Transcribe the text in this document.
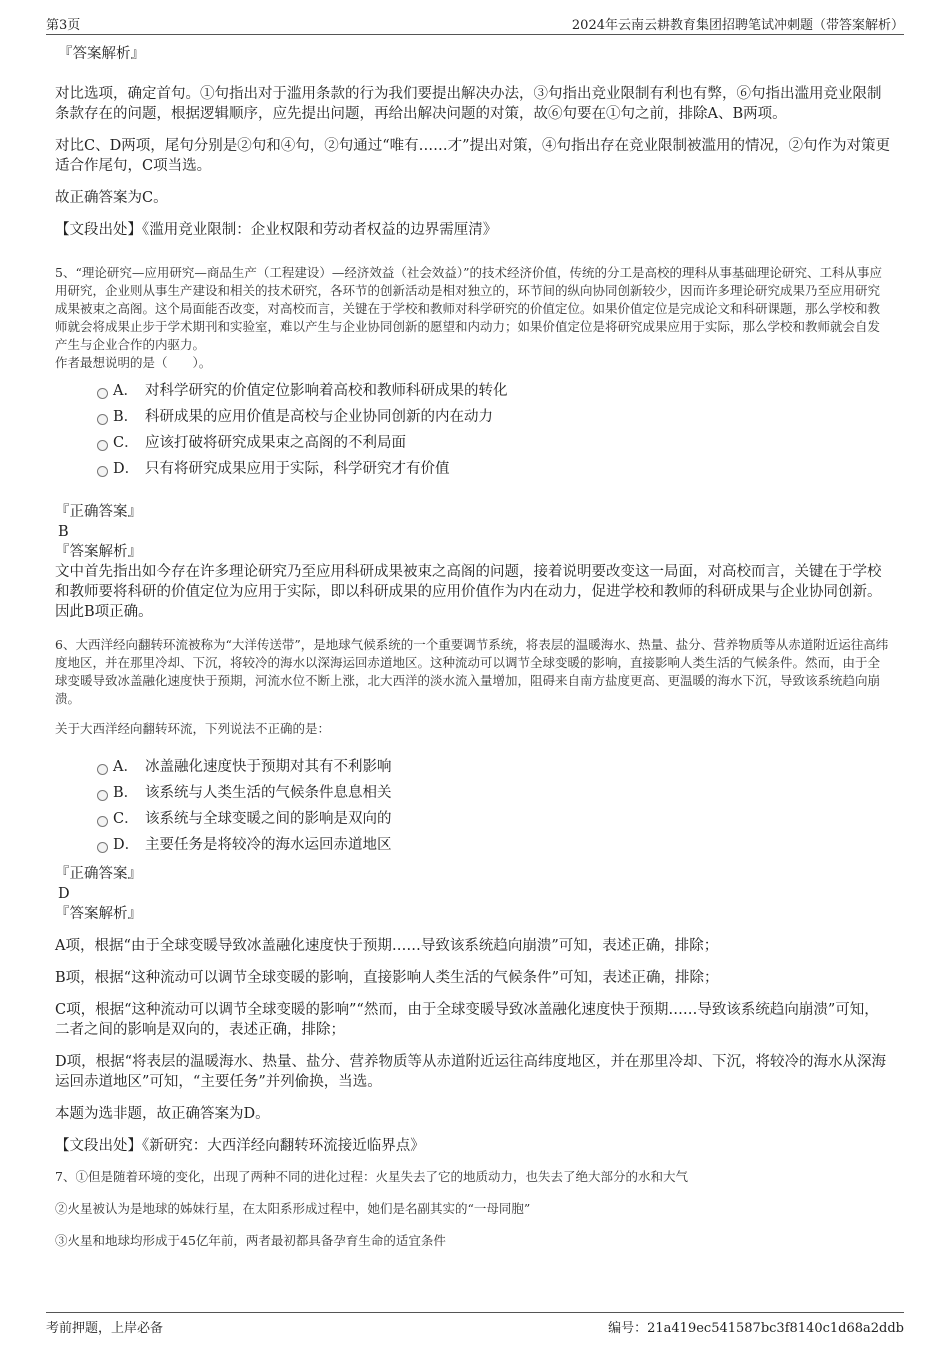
第3页	2024年云南云耕教育集团招聘笔试冲刺题（带答案解析）

『答案解析』

对比选项，确定首句。①句指出对于滥用条款的行为我们要提出解决办法，③句指出竞业限制有利也有弊，⑥句指出滥用竞业限制条款存在的问题，根据逻辑顺序，应先提出问题，再给出解决问题的对策，故⑥句要在①句之前，排除A、B两项。

对比C、D两项，尾句分别是②句和④句，②句通过“唯有……才”提出对策，④句指出存在竞业限制被滥用的情况，②句作为对策更适合作尾句，C项当选。

故正确答案为C。

【文段出处】《滥用竞业限制：企业权限和劳动者权益的边界需厘清》

5、“理论研究—应用研究—商品生产（工程建设）—经济效益（社会效益）”的技术经济价值，传统的分工是高校的理科从事基础理论研究、工科从事应用研究，企业则从事生产建设和相关的技术研究，各环节的创新活动是相对独立的，环节间的纵向协同创新较少，因而许多理论研究成果乃至应用研究成果被束之高阁。这个局面能否改变，对高校而言，关键在于学校和教师对科学研究的价值定位。如果价值定位是完成论文和科研课题，那么学校和教师就会将成果止步于学术期刊和实验室，难以产生与企业协同创新的愿望和内动力；如果价值定位是将研究成果应用于实际，那么学校和教师就会自发产生与企业合作的内驱力。

作者最想说明的是（　　）。

A． 对科学研究的价值定位影响着高校和教师科研成果的转化
B． 科研成果的应用价值是高校与企业协同创新的内在动力
C． 应该打破将研究成果束之高阁的不利局面
D． 只有将研究成果应用于实际，科学研究才有价值

『正确答案』

B

『答案解析』

文中首先指出如今存在许多理论研究乃至应用科研成果被束之高阁的问题，接着说明要改变这一局面，对高校而言，关键在于学校和教师要将科研的价值定位为应用于实际，即以科研成果的应用价值作为内在动力，促进学校和教师的科研成果与企业协同创新。因此B项正确。

6、大西洋经向翻转环流被称为“大洋传送带”，是地球气候系统的一个重要调节系统，将表层的温暖海水、热量、盐分、营养物质等从赤道附近运往高纬度地区，并在那里冷却、下沉，将较冷的海水以深海运回赤道地区。这种流动可以调节全球变暖的影响，直接影响人类生活的气候条件。然而，由于全球变暖导致冰盖融化速度快于预期，河流水位不断上涨，北大西洋的淡水流入量增加，阻碍来自南方盐度更高、更温暖的海水下沉，导致该系统趋向崩溃。

关于大西洋经向翻转环流，下列说法不正确的是：

A． 冰盖融化速度快于预期对其有不利影响
B． 该系统与人类生活的气候条件息息相关
C． 该系统与全球变暖之间的影响是双向的
D． 主要任务是将较冷的海水运回赤道地区

『正确答案』

D

『答案解析』

A项，根据“由于全球变暖导致冰盖融化速度快于预期……导致该系统趋向崩溃”可知，表述正确，排除；

B项，根据“这种流动可以调节全球变暖的影响，直接影响人类生活的气候条件”可知，表述正确，排除；

C项，根据“这种流动可以调节全球变暖的影响”“然而，由于全球变暖导致冰盖融化速度快于预期……导致该系统趋向崩溃”可知，二者之间的影响是双向的，表述正确，排除；

D项，根据“将表层的温暖海水、热量、盐分、营养物质等从赤道附近运往高纬度地区，并在那里冷却、下沉，将较冷的海水从深海运回赤道地区”可知，“主要任务”并列偷换，当选。

本题为选非题，故正确答案为D。

【文段出处】《新研究：大西洋经向翻转环流接近临界点》

7、①但是随着环境的变化，出现了两种不同的进化过程：火星失去了它的地质动力，也失去了绝大部分的水和大气

②火星被认为是地球的姊妹行星，在太阳系形成过程中，她们是名副其实的“一母同胞”

③火星和地球均形成于45亿年前，两者最初都具备孕育生命的适宜条件

考前押题，上岸必备	编号：21a419ec541587bc3f8140c1d68a2ddb
